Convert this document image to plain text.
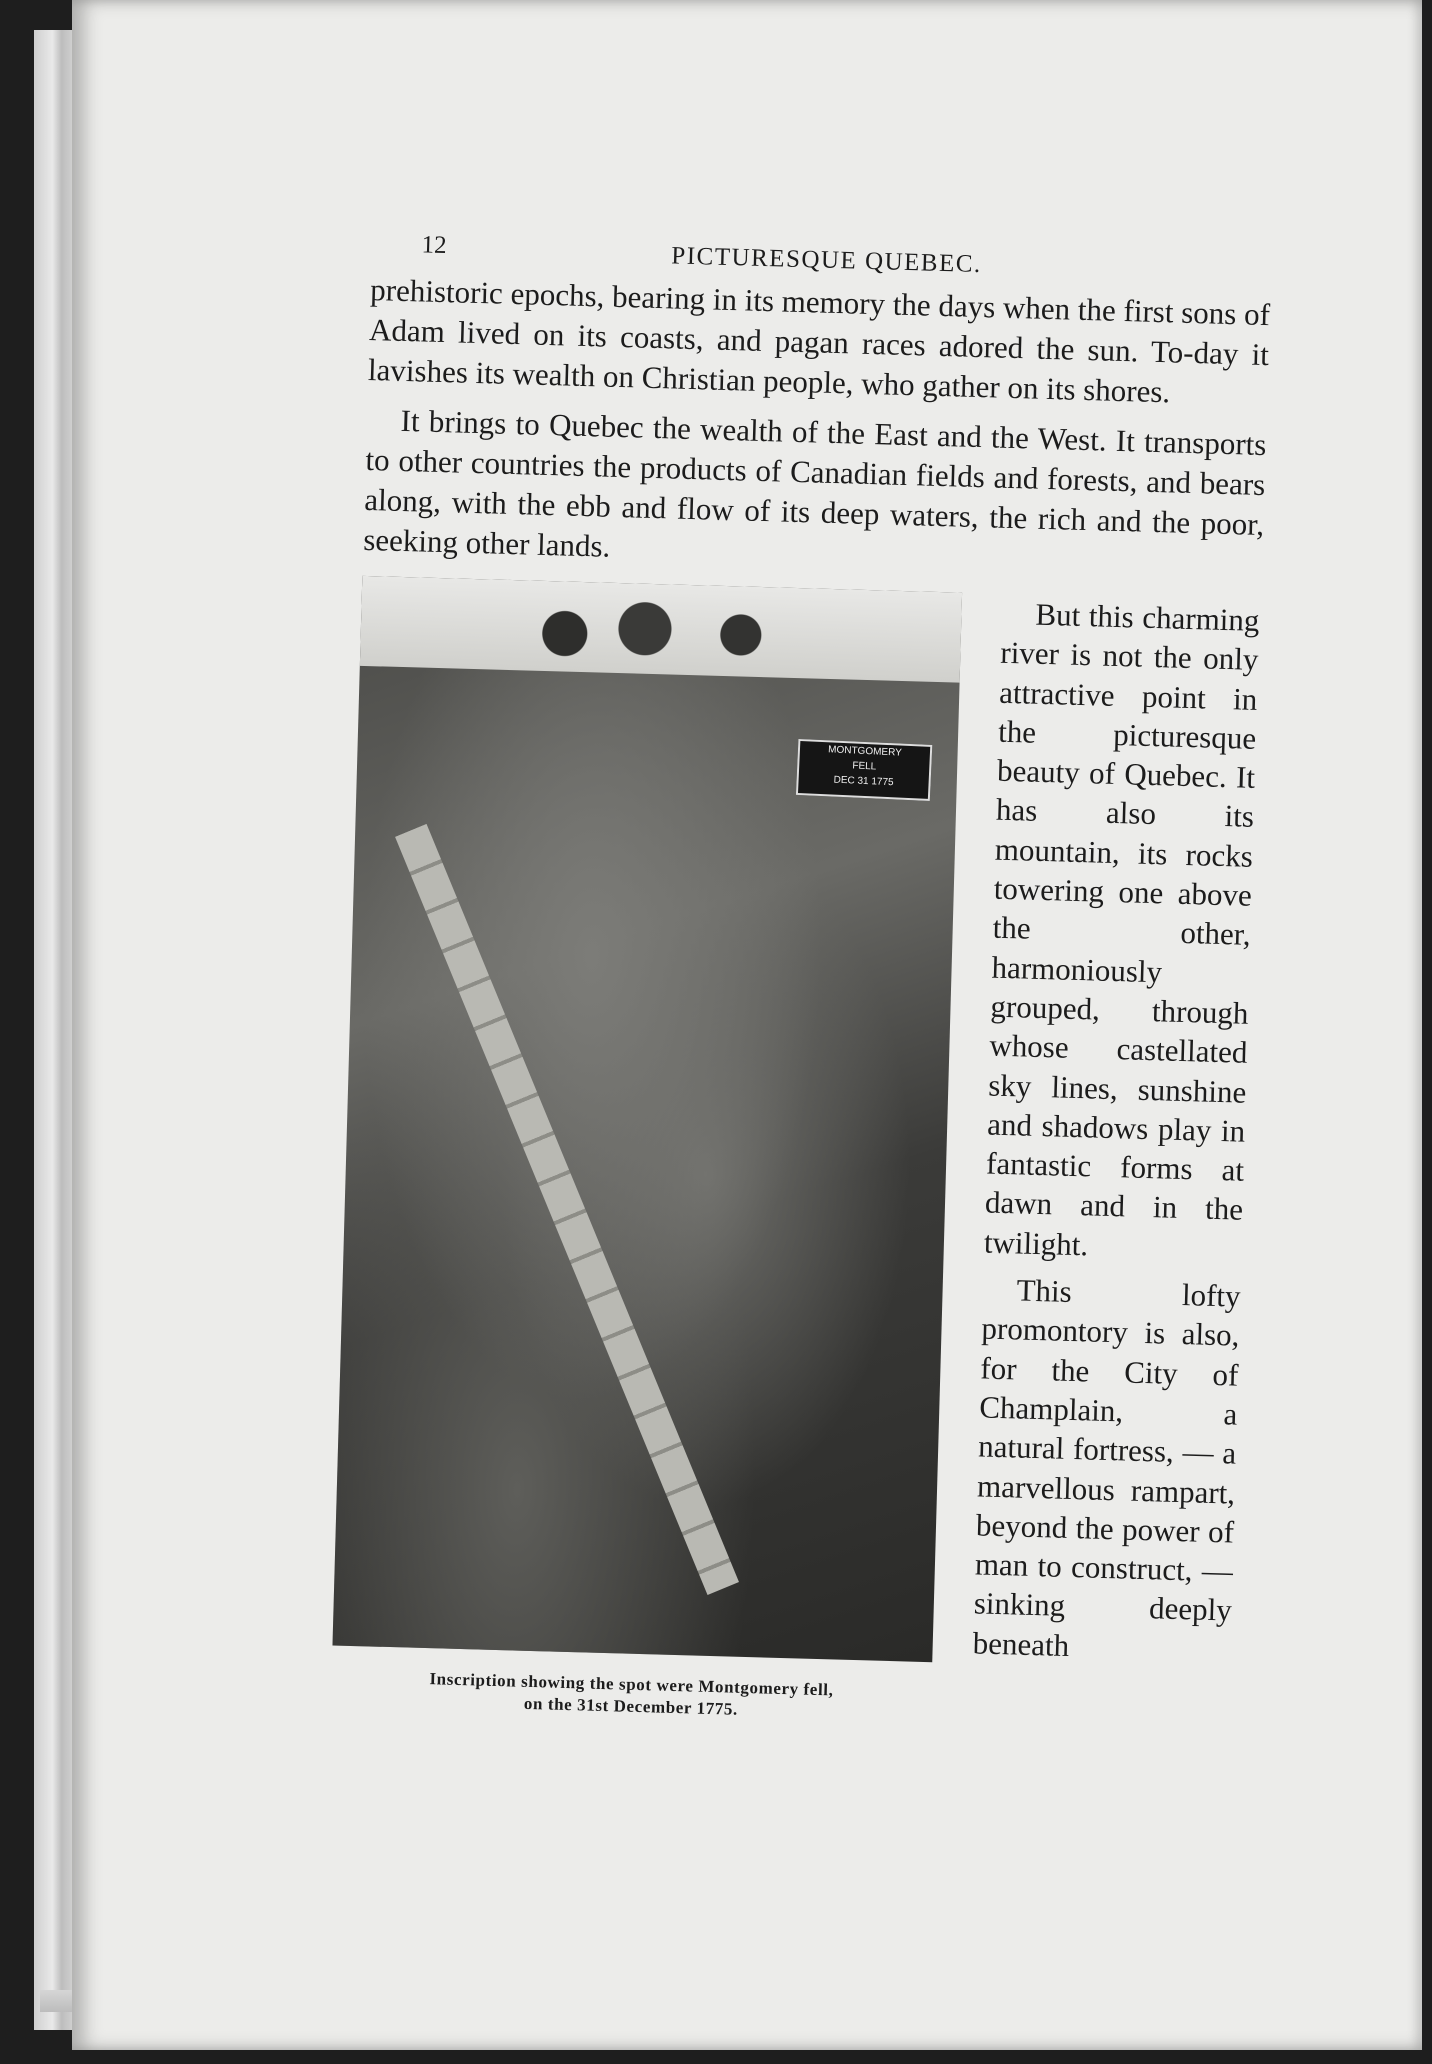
12	PICTURESQUE QUEBEC.

prehistoric epochs, bearing in its memory the days when the first sons of Adam lived on its coasts, and pagan races adored the sun. To-day it lavishes its wealth on Christian people, who gather on its shores.

It brings to Quebec the wealth of the East and the West. It transports to other countries the products of Canadian fields and forests, and bears along, with the ebb and flow of its deep waters, the rich and the poor, seeking other lands.

MONTGOMERY
FELL
DEC 31 1775
Inscription showing the spot were Montgomery fell,
on the 31st December 1775.

But this charming river is not the only attractive point in the picturesque beauty of Quebec. It has also its mountain, its rocks towering one above the other, harmoniously grouped, through whose castellated sky lines, sunshine and shadows play in fantastic forms at dawn and in the twilight.

This lofty promontory is also, for the City of Champlain, a natural fortress, — a marvellous rampart, beyond the power of man to construct, — sinking deeply beneath
